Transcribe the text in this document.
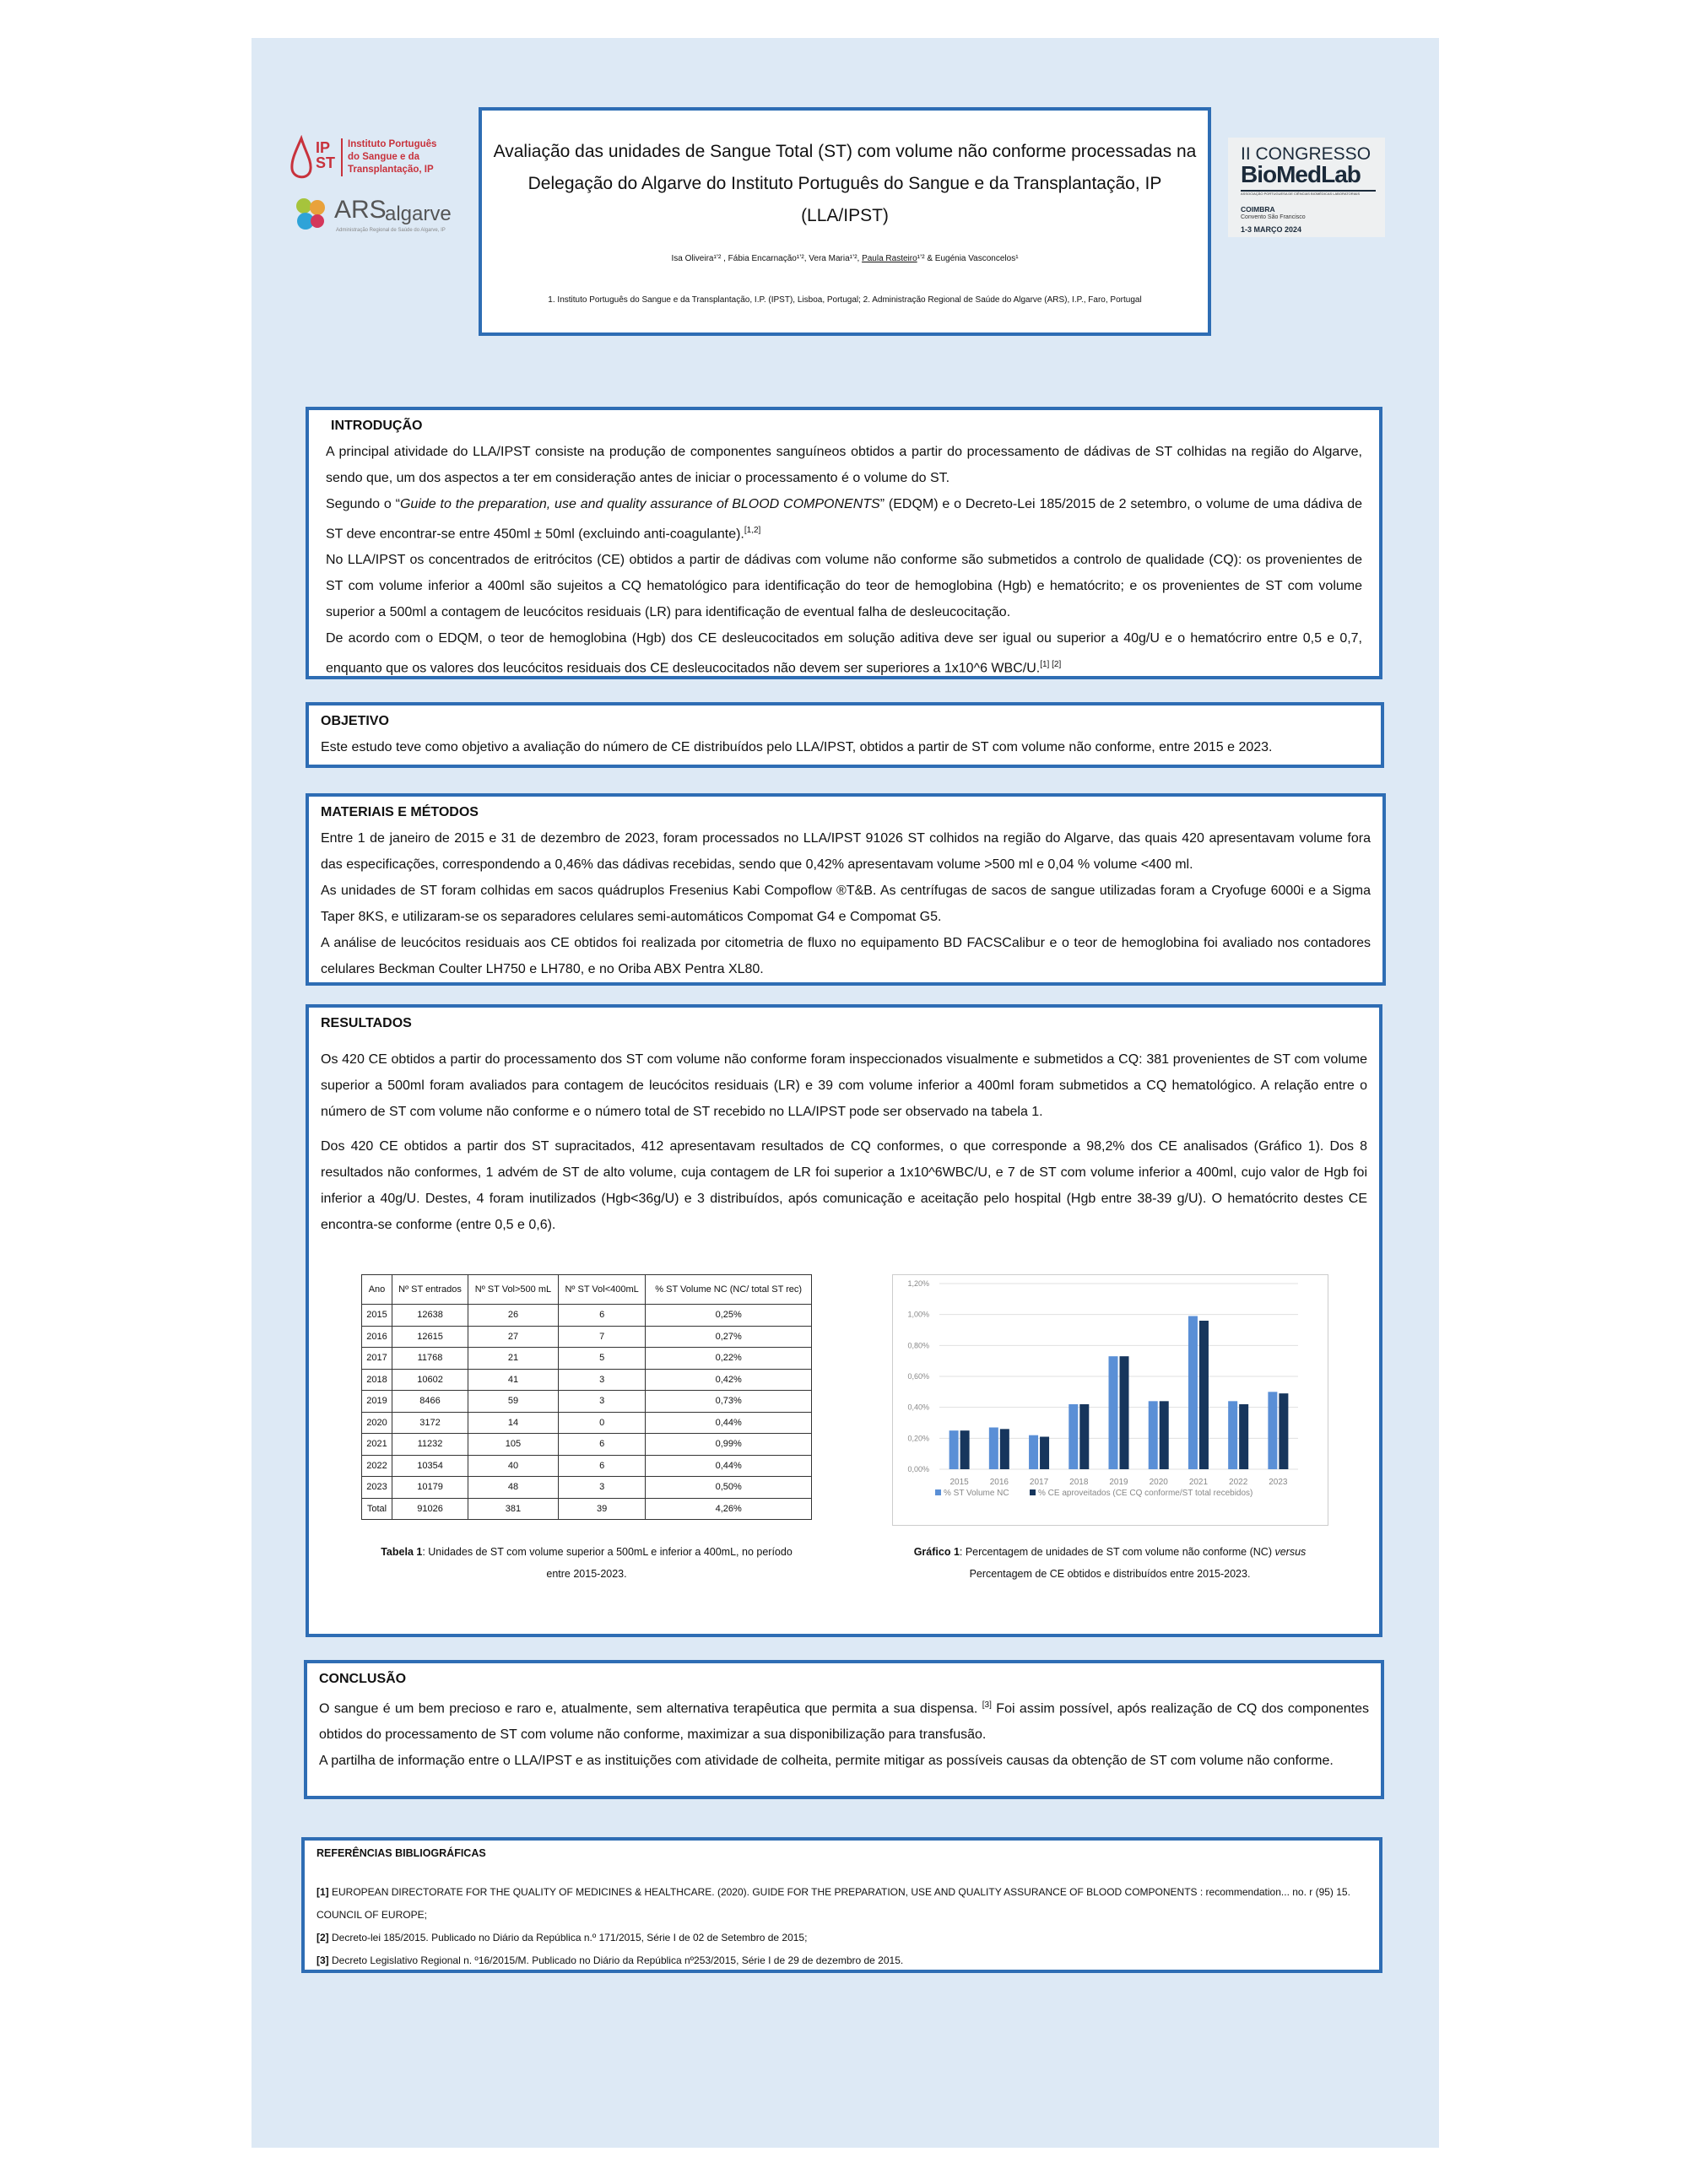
IP
ST
Instituto Português
do Sangue e da
Transplantação, IP
ARS
algarve
Administração Regional de Saúde do Algarve, IP
II CONGRESSO
BioMedLab
ASSOCIAÇÃO PORTUGUESA DE CIÊNCIAS BIOMÉDICAS LABORATORIAIS
COIMBRA
Convento São Francisco
1-3 MARÇO 2024
Avaliação das unidades de Sangue Total (ST) com volume não conforme processadas na
Delegação do Algarve do Instituto Português do Sangue e da Transplantação, IP (LLA/IPST)
Isa Oliveira¹ʼ² , Fábia Encarnação¹ʼ², Vera Maria¹ʼ², Paula Rasteiro¹ʼ² & Eugénia Vasconcelos¹
1. Instituto Português do Sangue e da Transplantação, I.P. (IPST), Lisboa, Portugal; 2. Administração Regional de Saúde do Algarve (ARS), I.P., Faro, Portugal
INTRODUÇÃO

A principal atividade do LLA/IPST consiste na produção de componentes sanguíneos obtidos a partir do processamento de dádivas de ST colhidas na região do Algarve, sendo que, um dos aspectos a ter em consideração antes de iniciar o processamento é o volume do ST.

Segundo o “Guide to the preparation, use and quality assurance of BLOOD COMPONENTS” (EDQM) e o Decreto-Lei 185/2015 de 2 setembro, o volume de uma dádiva de ST deve encontrar-se entre 450ml ± 50ml (excluindo anti-coagulante).[1,2]

No LLA/IPST os concentrados de eritrócitos (CE) obtidos a partir de dádivas com volume não conforme são submetidos a controlo de qualidade (CQ): os provenientes de ST com volume inferior a 400ml são sujeitos a CQ hematológico para identificação do teor de hemoglobina (Hgb) e hematócrito; e os provenientes de ST com volume superior a 500ml a contagem de leucócitos residuais (LR) para identificação de eventual falha de desleucocitação.

De acordo com o EDQM, o teor de hemoglobina (Hgb) dos CE desleucocitados em solução aditiva deve ser igual ou superior a 40g/U e o hematócriro entre 0,5 e 0,7, enquanto que os valores dos leucócitos residuais dos CE desleucocitados não devem ser superiores a 1x10^6 WBC/U.[1] [2]

OBJETIVO

Este estudo teve como objetivo a avaliação do número de CE distribuídos pelo LLA/IPST, obtidos a partir de ST com volume não conforme, entre 2015 e 2023.

MATERIAIS E MÉTODOS

Entre 1 de janeiro de 2015 e 31 de dezembro de 2023, foram processados no LLA/IPST 91026 ST colhidos na região do Algarve, das quais 420 apresentavam volume fora das especificações, correspondendo a 0,46% das dádivas recebidas, sendo que 0,42% apresentavam volume >500 ml e 0,04 % volume <400 ml.

As unidades de ST foram colhidas em sacos quádruplos Fresenius Kabi Compoflow ®T&B. As centrífugas de sacos de sangue utilizadas foram a Cryofuge 6000i e a Sigma Taper 8KS, e utilizaram-se os separadores celulares semi-automáticos Compomat G4 e Compomat G5.

A análise de leucócitos residuais aos CE obtidos foi realizada por citometria de fluxo no equipamento BD FACSCalibur e o teor de hemoglobina foi avaliado nos contadores celulares Beckman Coulter LH750 e LH780, e no Oriba ABX Pentra XL80.

RESULTADOS

Os 420 CE obtidos a partir do processamento dos ST com volume não conforme foram inspeccionados visualmente e submetidos a CQ: 381 provenientes de ST com volume superior a 500ml foram avaliados para contagem de leucócitos residuais (LR) e 39 com volume inferior a 400ml foram submetidos a CQ hematológico. A relação entre o número de ST com volume não conforme e o número total de ST recebido no LLA/IPST pode ser observado na tabela 1.

Dos 420 CE obtidos a partir dos ST supracitados, 412 apresentavam resultados de CQ conformes, o que corresponde a 98,2% dos CE analisados (Gráfico 1). Dos 8 resultados não conformes, 1 advém de ST de alto volume, cuja contagem de LR foi superior a 1x10^6WBC/U, e 7 de ST com volume inferior a 400ml, cujo valor de Hgb foi inferior a 40g/U. Destes, 4 foram inutilizados (Hgb<36g/U) e 3 distribuídos, após comunicação e aceitação pelo hospital (Hgb entre 38-39 g/U). O hematócrito destes CE encontra-se conforme (entre 0,5 e 0,6).

Ano	Nº ST entrados	Nº ST Vol>500 mL	Nº ST Vol<400mL	% ST Volume NC (NC/ total ST rec)
2015	12638	26	6	0,25%
2016	12615	27	7	0,27%
2017	11768	21	5	0,22%
2018	10602	41	3	0,42%
2019	8466	59	3	0,73%
2020	3172	14	0	0,44%
2021	11232	105	6	0,99%
2022	10354	40	6	0,44%
2023	10179	48	3	0,50%
Total	91026	381	39	4,26%
Tabela 1: Unidades de ST com volume superior a 500mL e inferior a 400mL, no período entre 2015-2023.
0,00%
0,20%
0,40%
0,60%
0,80%
1,00%
1,20%
2015 2016 2017 2018 2019 2020 2021 2022 2023
% ST Volume NC	% CE aproveitados (CE CQ conforme/ST total recebidos)
Gráfico 1: Percentagem de unidades de ST com volume não conforme (NC) versus Percentagem de CE obtidos e distribuídos entre 2015-2023.
CONCLUSÃO

O sangue é um bem precioso e raro e, atualmente, sem alternativa terapêutica que permita a sua dispensa. [3] Foi assim possível, após realização de CQ dos componentes obtidos do processamento de ST com volume não conforme, maximizar a sua disponibilização para transfusão.

A partilha de informação entre o LLA/IPST e as instituições com atividade de colheita, permite mitigar as possíveis causas da obtenção de ST com volume não conforme.

REFERÊNCIAS BIBLIOGRÁFICAS
[1] EUROPEAN DIRECTORATE FOR THE QUALITY OF MEDICINES & HEALTHCARE. (2020). GUIDE FOR THE PREPARATION, USE AND QUALITY ASSURANCE OF BLOOD COMPONENTS : recommendation... no. r (95) 15. COUNCIL OF EUROPE;
[2] Decreto-lei 185/2015. Publicado no Diário da República n.º 171/2015, Série I de 02 de Setembro de 2015;
[3] Decreto Legislativo Regional n. º16/2015/M. Publicado no Diário da República nº253/2015, Série I de 29 de dezembro de 2015.
